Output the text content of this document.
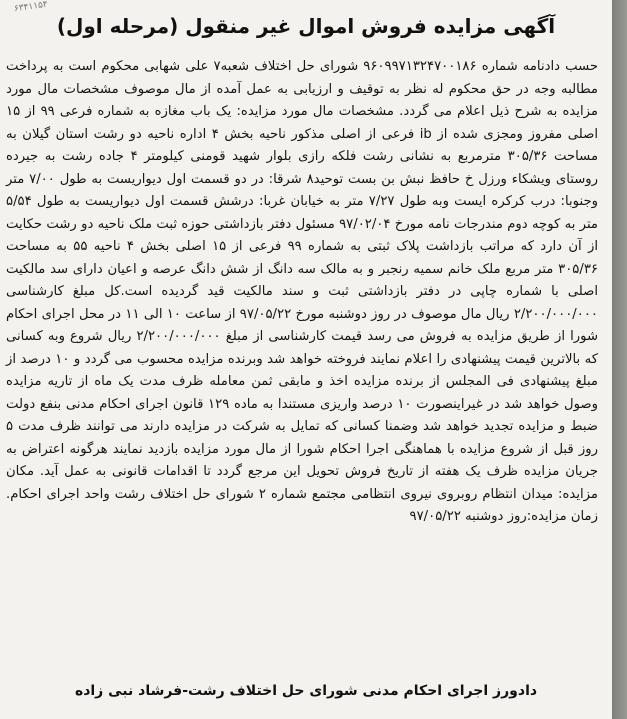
۶۳۴۱۱۵۴
آگهی مزایده فروش اموال غیر منقول (مرحله اول)
حسب دادنامه شماره ۹۶۰۹۹۷۱۳۲۴۷۰۰۱۸۶ شورای حل اختلاف شعبه۷ علی شهابی محکوم است به پرداخت مطالبه وجه در حق محکوم له نظر به توقیف و ارزیابی به عمل آمده از مال موصوف مشخصات مال مورد مزایده به شرح ذیل اعلام می گردد. مشخصات مال مورد مزایده: یک باب مغازه به شماره فرعی ۹۹ از ۱۵ اصلی مفروز ومجزی شده از ib فرعی از اصلی مذکور ناحیه بخش ۴ اداره ناحیه دو رشت استان گیلان به مساحت ۳۰۵/۳۶ مترمربع به نشانی رشت فلکه رازی بلوار شهید قومنی کیلومتر ۴ جاده رشت به جیرده روستای ویشکاء ورزل خ حافظ نبش بن بست توحید۸ شرقا: در دو قسمت اول دیواریست به طول ۷/۰۰ متر وجنوبا: درب کرکره ایست وبه طول ۷/۲۷ متر به خیابان غربا: درشش قسمت اول دیواریست به طول ۵/۵۴ متر به کوچه دوم مندرجات نامه مورخ ۹۷/۰۲/۰۴ مسئول دفتر بازداشتی حوزه ثبت ملک ناحیه دو رشت حکایت از آن دارد که مراتب بازداشت پلاک ثبتی به شماره ۹۹ فرعی از ۱۵ اصلی بخش ۴ ناحیه ۵۵ به مساحت ۳۰۵/۳۶ متر مربع ملک خانم سمیه رنجبر و به مالک سه دانگ از شش دانگ عرصه و اعیان دارای سد مالکیت اصلی با شماره چاپی در دفتر بازداشتی ثبت و سند مالکیت قید گردیده است.کل مبلغ کارشناسی ۲/۲۰۰/۰۰۰/۰۰۰ ریال مال موصوف در روز دوشنبه مورخ ۹۷/۰۵/۲۲ از ساعت ۱۰ الی ۱۱ در محل اجرای احکام شورا از طریق مزایده به فروش می رسد قیمت کارشناسی از مبلغ ۲/۲۰۰/۰۰۰/۰۰۰ ریال شروع وبه کسانی که بالاترین قیمت پیشنهادی را اعلام نمایند فروخته خواهد شد وبرنده مزایده محسوب می گردد و ۱۰ درصد از مبلغ پیشنهادی فی المجلس از برنده مزایده اخذ و مابقی ثمن معامله ظرف مدت یک ماه از تاریه مزایده وصول خواهد شد در غیراینصورت ۱۰ درصد واریزی مستندا به ماده ۱۲۹ قانون اجرای احکام مدنی بنفع دولت ضبط و مزایده تجدید خواهد شد وضمنا کسانی که تمایل به شرکت در مزایده دارند می توانند ظرف مدت ۵ روز قبل از شروع مزایده با هماهنگی اجرا احکام شورا از مال مورد مزایده بازدید نمایند هرگونه اعتراض به جریان مزایده ظرف یک هفته از تاریخ فروش تحویل این مرجع گردد تا اقدامات قانونی به عمل آید. مکان مزایده: میدان انتظام روبروی نیروی انتظامی مجتمع شماره ۲ شورای حل اختلاف رشت واحد اجرای احکام. زمان مزایده:روز دوشنبه ۹۷/۰۵/۲۲
دادورز اجرای احکام مدنی شورای حل اختلاف رشت-فرشاد نبی زاده
